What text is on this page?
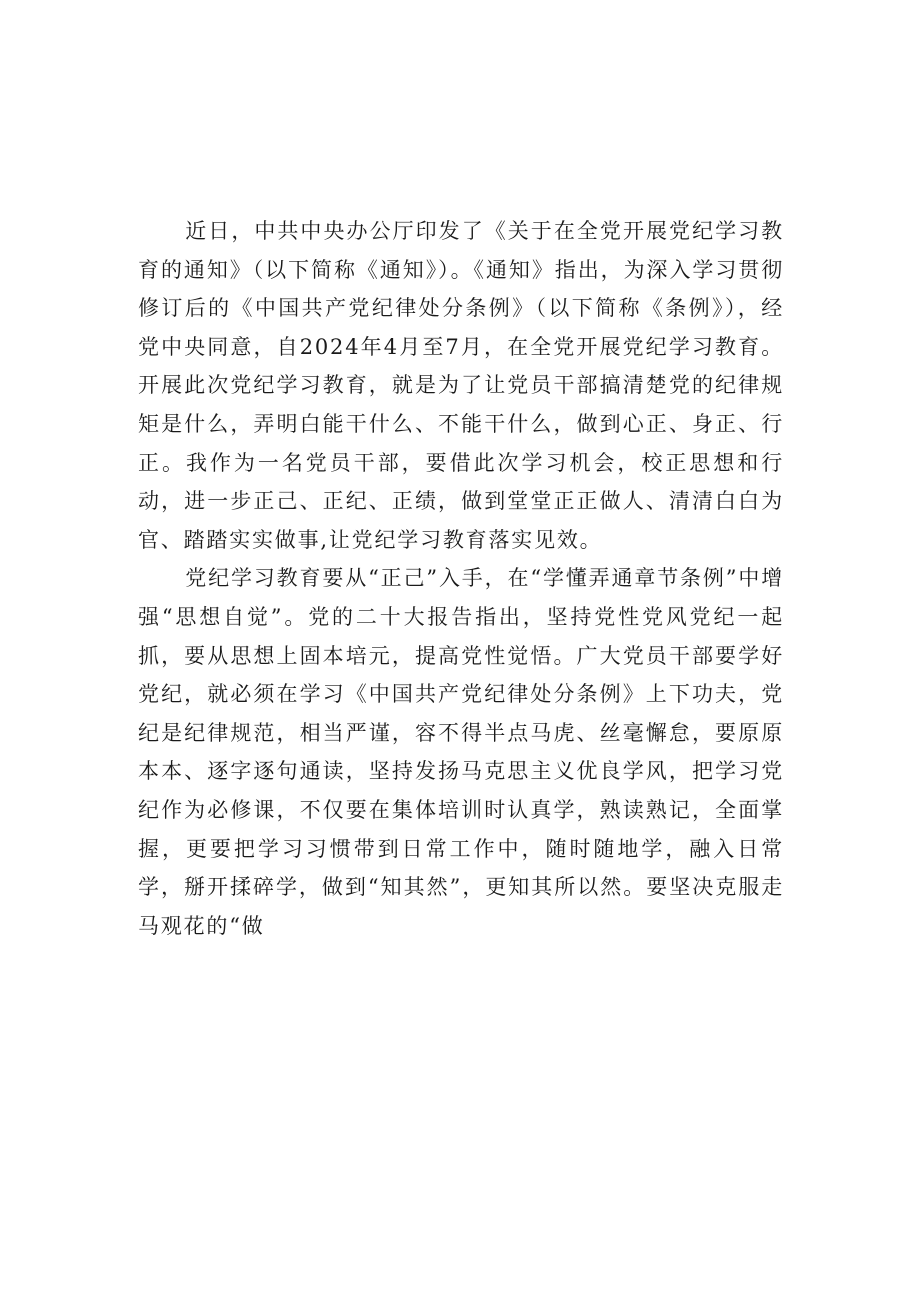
近日，中共中央办公厅印发了《关于在全党开展党纪学习教育的通知》（以下简称《通知》）。《通知》指出，为深入学习贯彻修订后的《中国共产党纪律处分条例》（以下简称《条例》），经党中央同意，自2024年4月至7月，在全党开展党纪学习教育。开展此次党纪学习教育，就是为了让党员干部搞清楚党的纪律规矩是什么，弄明白能干什么、不能干什么，做到心正、身正、行正。我作为一名党员干部，要借此次学习机会，校正思想和行动，进一步正己、正纪、正绩，做到堂堂正正做人、清清白白为官、踏踏实实做事,让党纪学习教育落实见效。

党纪学习教育要从“正己”入手，在“学懂弄通章节条例”中增强“思想自觉”。党的二十大报告指出，坚持党性党风党纪一起抓，要从思想上固本培元，提高党性觉悟。广大党员干部要学好党纪，就必须在学习《中国共产党纪律处分条例》上下功夫，党纪是纪律规范，相当严谨，容不得半点马虎、丝毫懈怠，要原原本本、逐字逐句通读，坚持发扬马克思主义优良学风，把学习党纪作为必修课，不仅要在集体培训时认真学，熟读熟记，全面掌握，更要把学习习惯带到日常工作中，随时随地学，融入日常学，掰开揉碎学，做到“知其然”，更知其所以然。要坚决克服走马观花的“做
